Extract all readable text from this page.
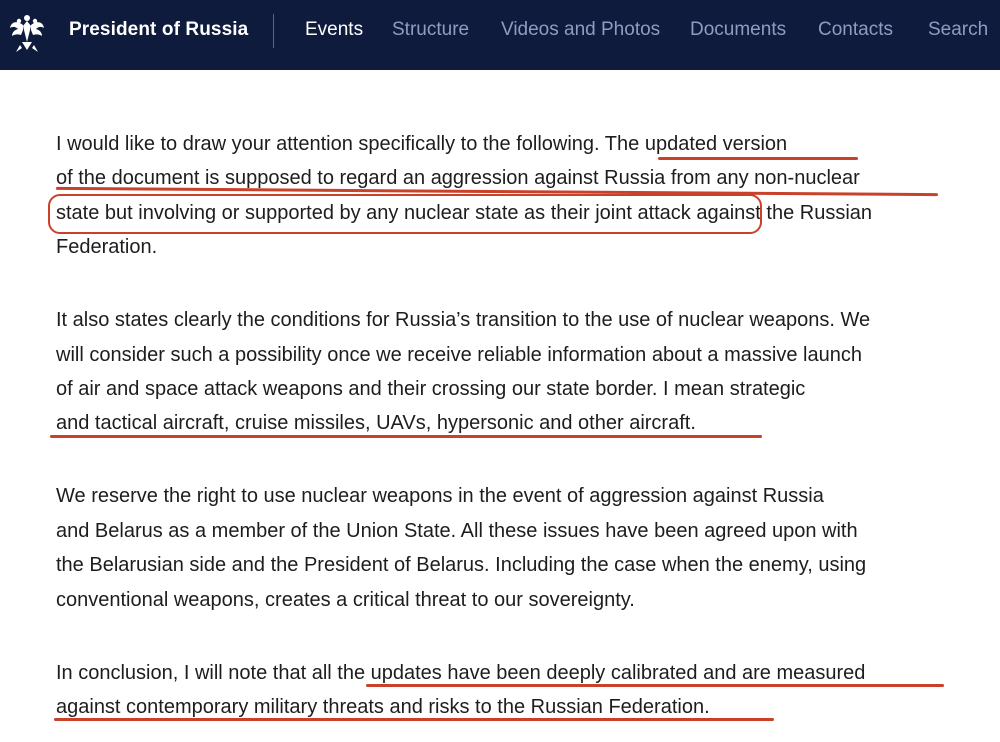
President of Russia	Events Structure Videos and Photos Documents Contacts Search
I would like to draw your attention specifically to the following. The updated version
of the document is supposed to regard an aggression against Russia from any non-nuclear
state but involving or supported by any nuclear state as their joint attack against the Russian
Federation.
It also states clearly the conditions for Russia’s transition to the use of nuclear weapons. We
will consider such a possibility once we receive reliable information about a massive launch
of air and space attack weapons and their crossing our state border. I mean strategic
and tactical aircraft, cruise missiles, UAVs, hypersonic and other aircraft.
We reserve the right to use nuclear weapons in the event of aggression against Russia
and Belarus as a member of the Union State. All these issues have been agreed upon with
the Belarusian side and the President of Belarus. Including the case when the enemy, using
conventional weapons, creates a critical threat to our sovereignty.
In conclusion, I will note that all the updates have been deeply calibrated and are measured
against contemporary military threats and risks to the Russian Federation.
